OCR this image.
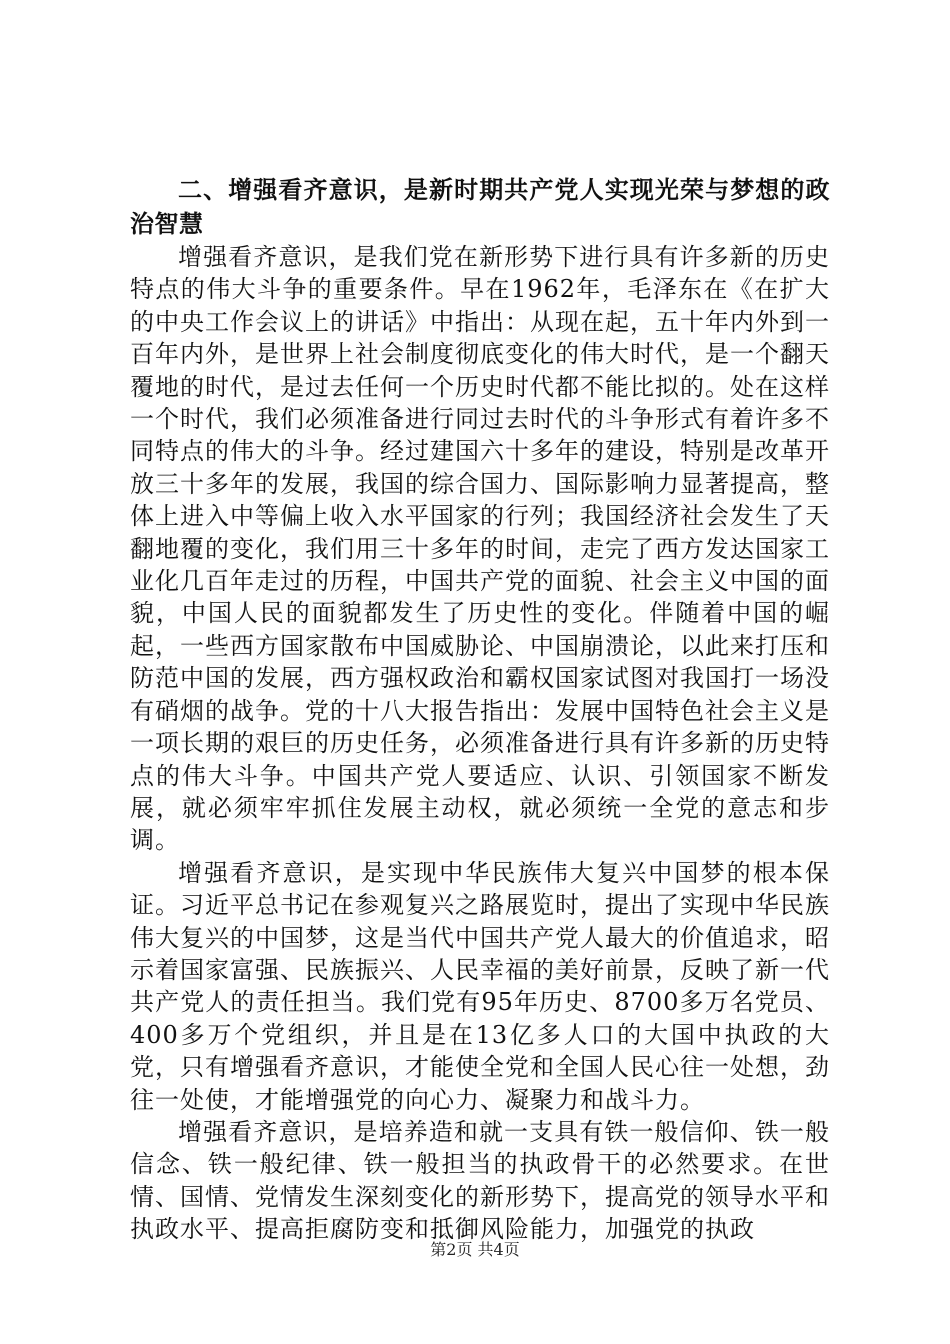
二、增强看齐意识，是新时期共产党人实现光荣与梦想的政治智慧

增强看齐意识，是我们党在新形势下进行具有许多新的历史特点的伟大斗争的重要条件。早在1962年，毛泽东在《在扩大的中央工作会议上的讲话》中指出：从现在起，五十年内外到一百年内外，是世界上社会制度彻底变化的伟大时代，是一个翻天覆地的时代，是过去任何一个历史时代都不能比拟的。处在这样一个时代，我们必须准备进行同过去时代的斗争形式有着许多不同特点的伟大的斗争。经过建国六十多年的建设，特别是改革开放三十多年的发展，我国的综合国力、国际影响力显著提高，整体上进入中等偏上收入水平国家的行列；我国经济社会发生了天翻地覆的变化，我们用三十多年的时间，走完了西方发达国家工业化几百年走过的历程，中国共产党的面貌、社会主义中国的面貌，中国人民的面貌都发生了历史性的变化。伴随着中国的崛起，一些西方国家散布中国威胁论、中国崩溃论，以此来打压和防范中国的发展，西方强权政治和霸权国家试图对我国打一场没有硝烟的战争。党的十八大报告指出：发展中国特色社会主义是一项长期的艰巨的历史任务，必须准备进行具有许多新的历史特点的伟大斗争。中国共产党人要适应、认识、引领国家不断发展，就必须牢牢抓住发展主动权，就必须统一全党的意志和步调。

增强看齐意识，是实现中华民族伟大复兴中国梦的根本保证。习近平总书记在参观复兴之路展览时，提出了实现中华民族伟大复兴的中国梦，这是当代中国共产党人最大的价值追求，昭示着国家富强、民族振兴、人民幸福的美好前景，反映了新一代共产党人的责任担当。我们党有95年历史、8700多万名党员、400多万个党组织，并且是在13亿多人口的大国中执政的大党，只有增强看齐意识，才能使全党和全国人民心往一处想，劲往一处使，才能增强党的向心力、凝聚力和战斗力。

增强看齐意识，是培养造和就一支具有铁一般信仰、铁一般信念、铁一般纪律、铁一般担当的执政骨干的必然要求。在世情、国情、党情发生深刻变化的新形势下，提高党的领导水平和执政水平、提高拒腐防变和抵御风险能力，加强党的执政

第2页 共4页
